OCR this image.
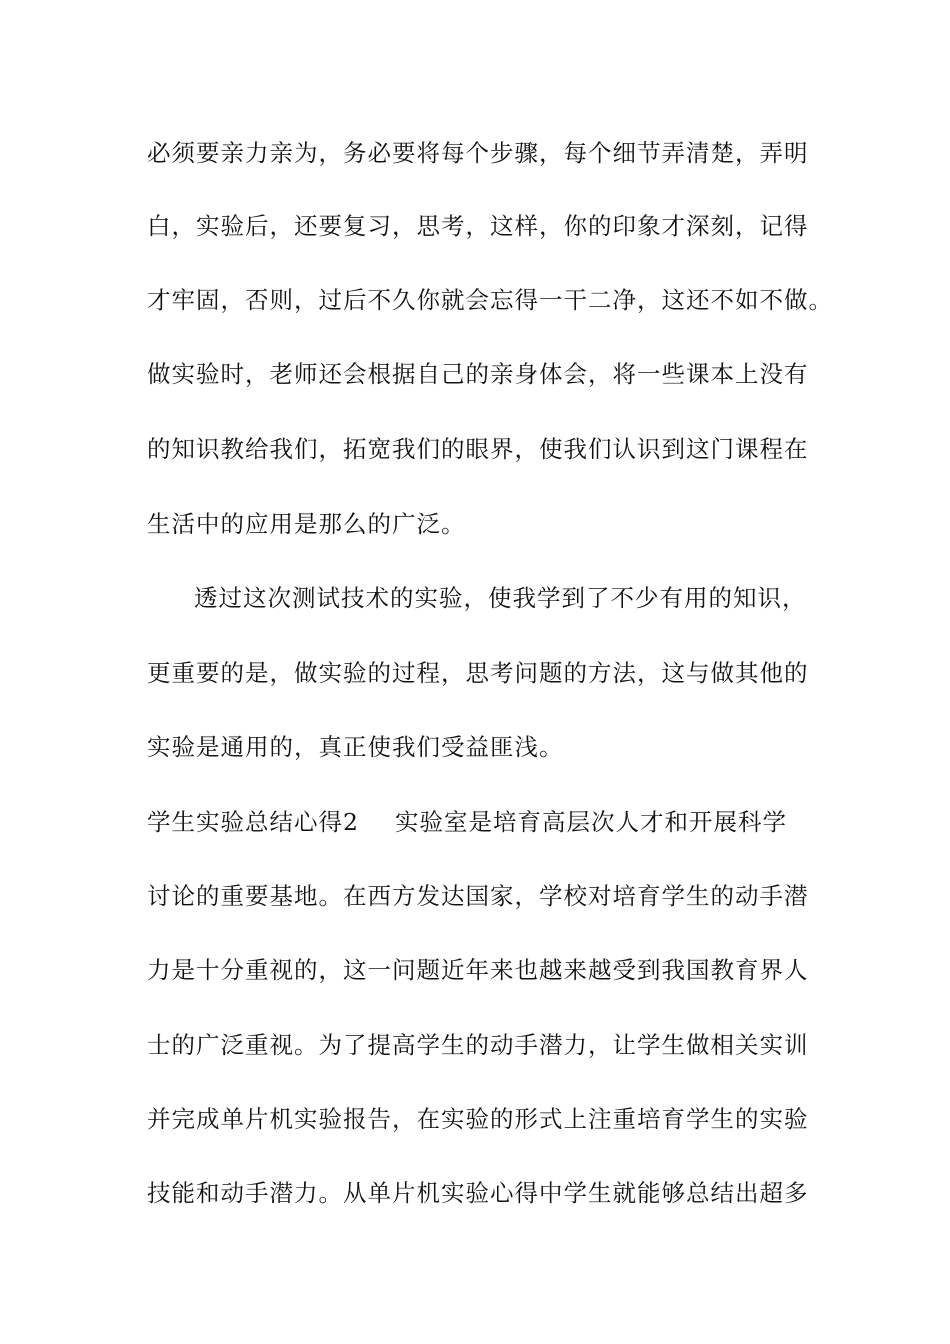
必须要亲力亲为，务必要将每个步骤，每个细节弄清楚，弄明
白，实验后，还要复习，思考，这样，你的印象才深刻，记得
才牢固，否则，过后不久你就会忘得一干二净，这还不如不做。
做实验时，老师还会根据自己的亲身体会，将一些课本上没有
的知识教给我们，拓宽我们的眼界，使我们认识到这门课程在
生活中的应用是那么的广泛。
透过这次测试技术的实验，使我学到了不少有用的知识，
更重要的是，做实验的过程，思考问题的方法，这与做其他的
实验是通用的，真正使我们受益匪浅。
学生实验总结心得2 实验室是培育高层次人才和开展科学
讨论的重要基地。在西方发达国家，学校对培育学生的动手潜
力是十分重视的，这一问题近年来也越来越受到我国教育界人
士的广泛重视。为了提高学生的动手潜力，让学生做相关实训
并完成单片机实验报告，在实验的形式上注重培育学生的实验
技能和动手潜力。从单片机实验心得中学生就能够总结出超多
